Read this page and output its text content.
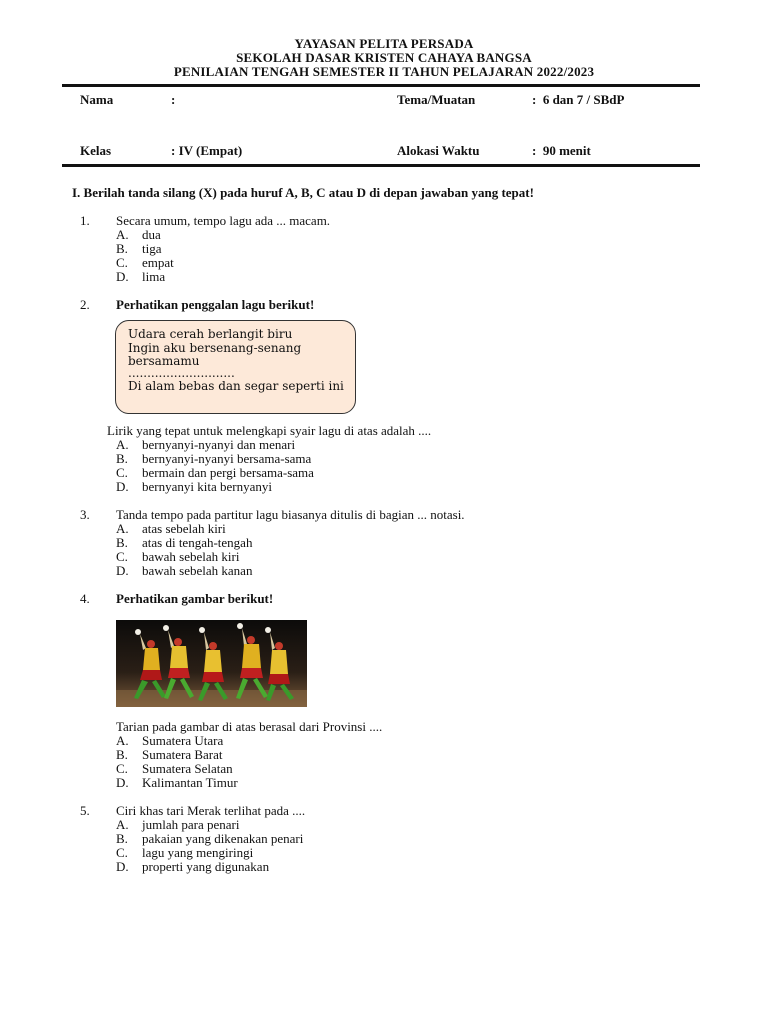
YAYASAN PELITA PERSADA
SEKOLAH DASAR KRISTEN CAHAYA BANGSA
PENILAIAN TENGAH SEMESTER II TAHUN PELAJARAN 2022/2023
Nama	:	Tema/Muatan	:  6 dan 7 / SBdP
Kelas	: IV (Empat)	Alokasi Waktu	:  90 menit
I. Berilah tanda silang (X) pada huruf A, B, C atau D di depan jawaban yang tepat!
1. Secara umum, tempo lagu ada ... macam.
A. dua
B. tiga
C. empat
D. lima
2. Perhatikan penggalan lagu berikut!
Udara cerah berlangit biru
Ingin aku bersenang-senang
bersamamu
............................
Di alam bebas dan segar seperti ini
Lirik yang tepat untuk melengkapi syair lagu di atas adalah ....
A. bernyanyi-nyanyi dan menari
B. bernyanyi-nyanyi bersama-sama
C. bermain dan pergi bersama-sama
D. bernyanyi kita bernyanyi
3. Tanda tempo pada partitur lagu biasanya ditulis di bagian ... notasi.
A. atas sebelah kiri
B. atas di tengah-tengah
C. bawah sebelah kiri
D. bawah sebelah kanan
4. Perhatikan gambar berikut!
Tarian pada gambar di atas berasal dari Provinsi ....
A. Sumatera Utara
B. Sumatera Barat
C. Sumatera Selatan
D. Kalimantan Timur
5. Ciri khas tari Merak terlihat pada ....
A. jumlah para penari
B. pakaian yang dikenakan penari
C. lagu yang mengiringi
D. properti yang digunakan
